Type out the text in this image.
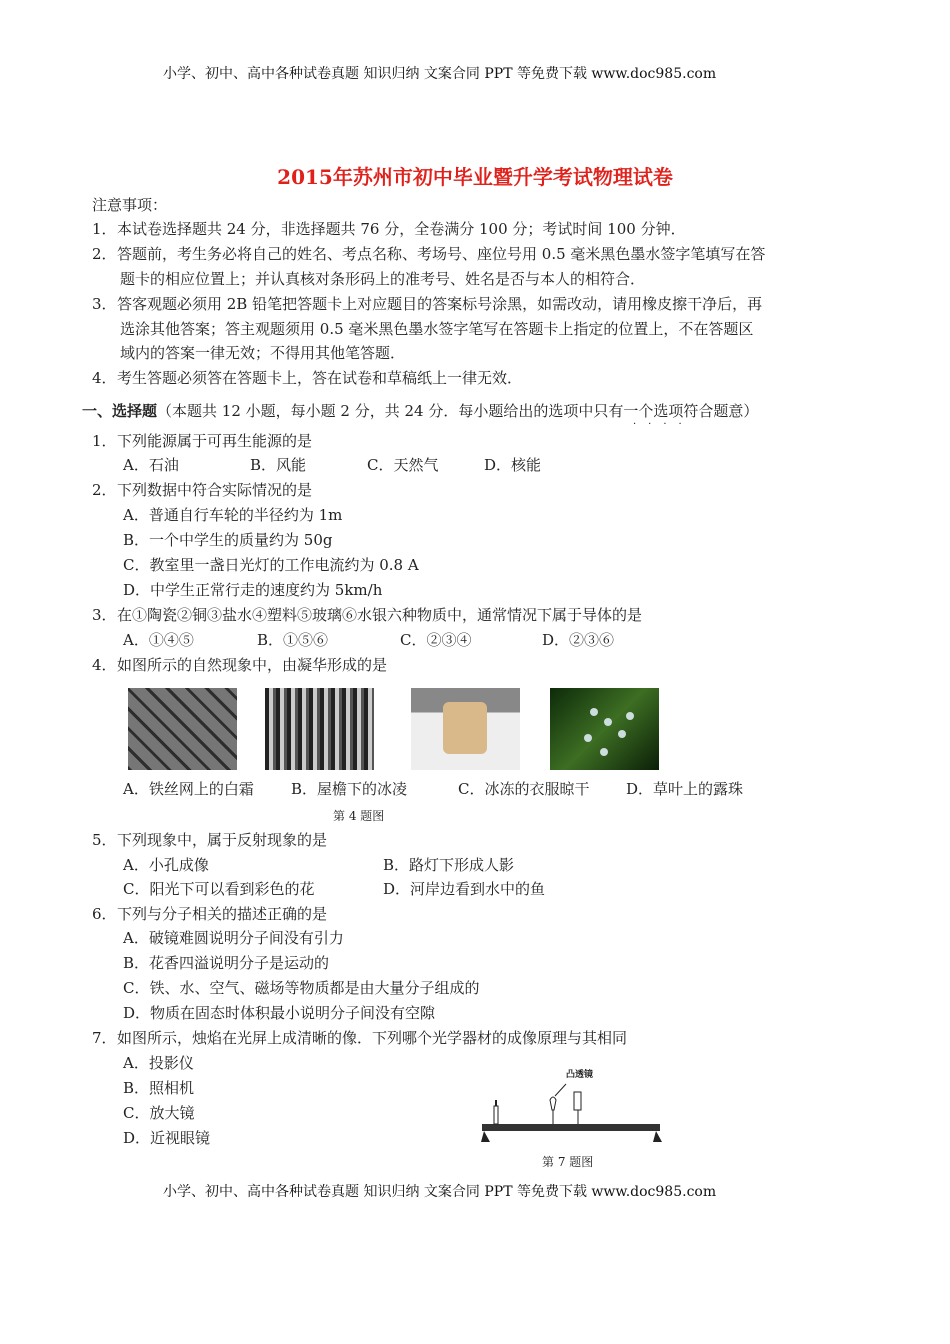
小学、初中、高中各种试卷真题 知识归纳 文案合同 PPT 等免费下载 www.doc985.com
2015年苏州市初中毕业暨升学考试物理试卷
注意事项：
1． 本试卷选择题共 24 分，非选择题共 76 分，全卷满分 100 分；考试时间 100 分钟．
2． 答题前，考生务必将自己的姓名、考点名称、考场号、座位号用 0.5 毫米黑色墨水签字笔填写在答
题卡的相应位置上；并认真核对条形码上的准考号、姓名是否与本人的相符合．
3． 答客观题必须用 2B 铅笔把答题卡上对应题目的答案标号涂黑，如需改动，请用橡皮擦干净后，再
选涂其他答案；答主观题须用 0.5 毫米黑色墨水签字笔写在答题卡上指定的位置上，不在答题区
域内的答案一律无效；不得用其他笔答题．
4． 考生答题必须答在答题卡上，答在试卷和草稿纸上一律无效．
一、选择题（本题共 12 小题，每小题 2 分，共 24 分．每小题给出的选项中只有一个选项符合题意）
····
1． 下列能源属于可再生能源的是
A．石油	B．风能	C．天然气	D．核能
2． 下列数据中符合实际情况的是
A．普通自行车轮的半径约为 1m
B．一个中学生的质量约为 50g
C．教室里一盏日光灯的工作电流约为 0.8 A
D．中学生正常行走的速度约为 5km/h
3． 在①陶瓷②铜③盐水④塑料⑤玻璃⑥水银六种物质中，通常情况下属于导体的是
A．①④⑤	B．①⑤⑥	C．②③④	D．②③⑥
4． 如图所示的自然现象中，由凝华形成的是
A．铁丝网上的白霜 B．屋檐下的冰凌	C．冰冻的衣服晾干 D．草叶上的露珠
第 4 题图
5． 下列现象中，属于反射现象的是
A．小孔成像	B．路灯下形成人影
C．阳光下可以看到彩色的花	D．河岸边看到水中的鱼
6． 下列与分子相关的描述正确的是
A．破镜难圆说明分子间没有引力
B．花香四溢说明分子是运动的
C．铁、水、空气、磁场等物质都是由大量分子组成的
D．物质在固态时体积最小说明分子间没有空隙
7． 如图所示，烛焰在光屏上成清晰的像．下列哪个光学器材的成像原理与其相同
A．投影仪
B．照相机
C．放大镜
D．近视眼镜
凸透镜
第 7 题图
小学、初中、高中各种试卷真题 知识归纳 文案合同 PPT 等免费下载 www.doc985.com
